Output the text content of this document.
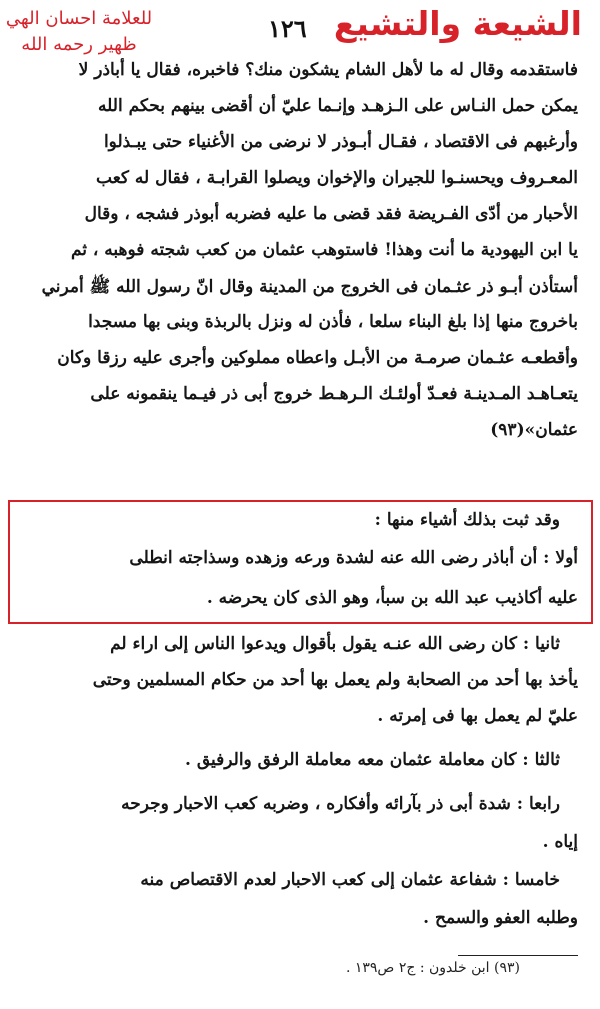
الشيعة والتشيع
١٢٦
للعلامة احسان الهي ظهير رحمه الله
فاستقدمه وقال له ما لأهل الشام يشكون منك؟ فاخبره، فقال يا أباذر لا
يمكن حمل النـاس على الـزهـد وإنـما عليّ أن أقضى بينهم بحكم الله
وأرغبهم فى الاقتصاد ، فقـال أبـوذر لا نرضى من الأغنياء حتى يبـذلوا
المعـروف ويحسنـوا للجيران والإخوان ويصلوا القرابـة ، فقال له كعب
الأحبار من أدّى الفـريضة فقد قضى ما عليه فضربه أبوذر فشجه ، وقال
يا ابن اليهودية ما أنت وهذا! فاستوهب عثمان من كعب شجته فوهبه ، ثم
أستأذن أبـو ذر عثـمان فى الخروج من المدينة وقال انّ رسول الله ﷺ أمرني
باخروج منها إذا بلغ البناء سلعا ، فأذن له ونزل بالربذة وبنى بها مسجدا
وأقطعـه عثـمان صرمـة من الأبـل واعطاه مملوكين وأجرى عليه رزقا وكان
يتعـاهـد المـدينـة فعـدّ أولئـك الـرهـط خروج أبى ذر فيـما ينقمونه على
عثمان»(٩٣)
وقد ثبت بذلك أشياء منها :
أولا : أن أباذر رضى الله عنه لشدة ورعه وزهده وسذاجته انطلى
عليه أكاذيب عبد الله بن سبأ، وهو الذى كان يحرضه .
ثانيا : كان رضى الله عنـه يقول بأقوال ويدعوا الناس إلى اراء لم
يأخذ بها أحد من الصحابة ولم يعمل بها أحد من حكام المسلمين وحتى
عليّ لم يعمل بها فى إمرته .
ثالثا : كان معاملة عثمان معه معاملة الرفق والرفيق .
رابعا : شدة أبى ذر بآرائه وأفكاره ، وضربه كعب الاحبار وجرحه
إياه .
خامسا : شفاعة عثمان إلى كعب الاحبار لعدم الاقتصاص منه
وطلبه العفو والسمح .
(٩٣) ابن خلدون : ج٢ ص١٣٩ .
